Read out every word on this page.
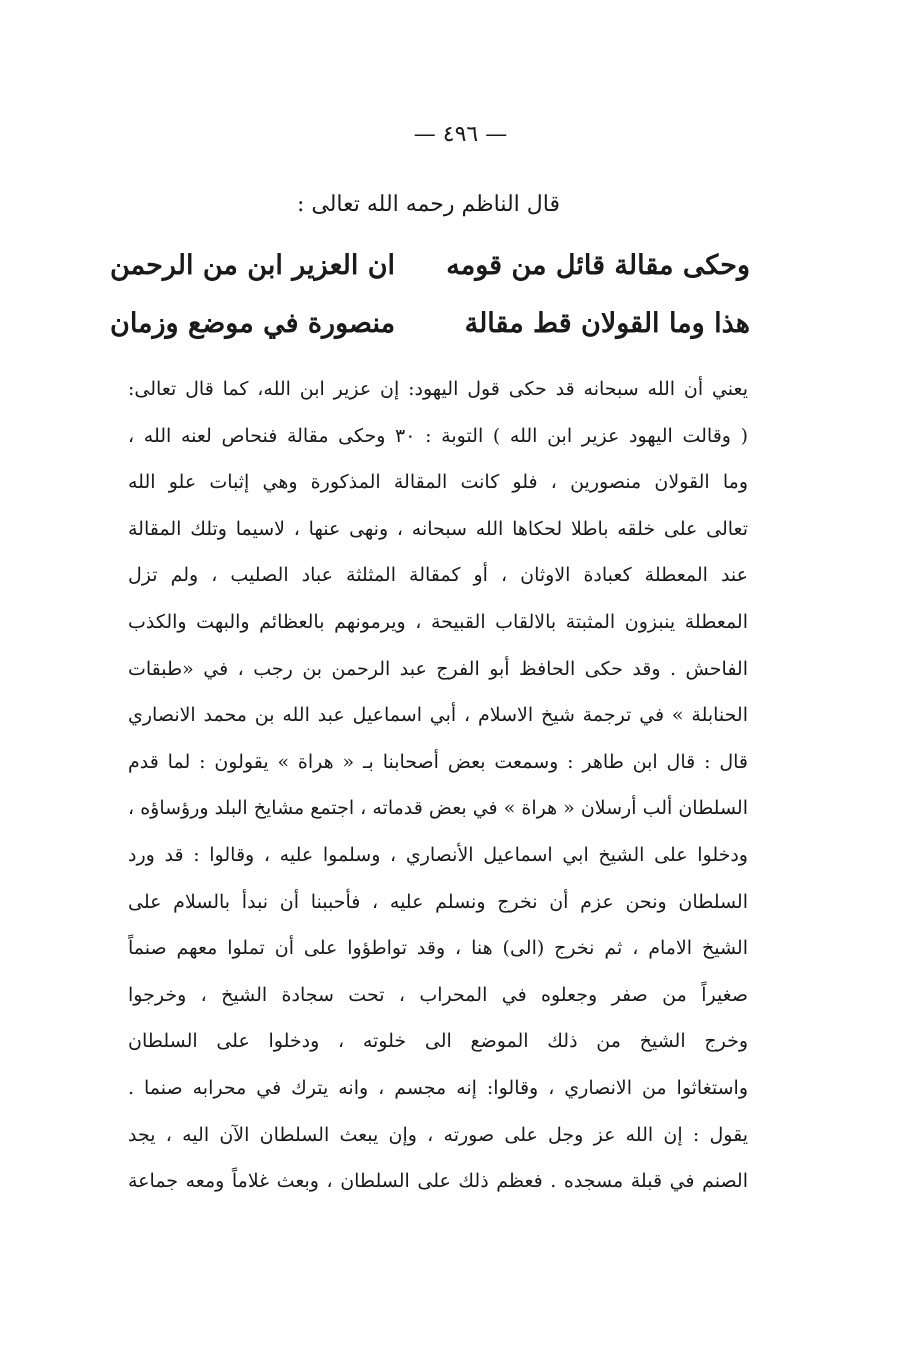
— ٤٩٦ —
قال الناظم رحمه الله تعالى :
وحكى مقالة قائل من قومه
ان العزير ابن من الرحمن
هذا وما القولان قط مقالة
منصورة في موضع وزمان
يعني أن الله سبحانه قد حكى قول اليهود: إن عزير ابن الله، كما قال تعالى:
( وقالت اليهود عزير ابن الله ) التوبة : ٣٠ وحكى مقالة فنحاص لعنه الله ،
وما القولان منصورين ، فلو كانت المقالة المذكورة وهي إثبات علو الله
تعالى على خلقه باطلا لحكاها الله سبحانه ، ونهى عنها ، لاسيما وتلك المقالة
عند المعطلة كعبادة الاوثان ، أو كمقالة المثلثة عباد الصليب ، ولم تزل
المعطلة ينبزون المثبتة بالالقاب القبيحة ، ويرمونهم بالعظائم والبهت والكذب
الفاحش . وقد حكى الحافظ أبو الفرج عبد الرحمن بن رجب ، في «طبقات
الحنابلة » في ترجمة شيخ الاسلام ، أبي اسماعيل عبد الله بن محمد الانصاري
قال : قال ابن طاهر : وسمعت بعض أصحابنا بـ « هراة » يقولون : لما قدم
السلطان ألب أرسلان « هراة » في بعض قدماته ، اجتمع مشايخ البلد ورؤساؤه ،
ودخلوا على الشيخ ابي اسماعيل الأنصاري ، وسلموا عليه ، وقالوا : قد ورد
السلطان ونحن عزم أن نخرج ونسلم عليه ، فأحببنا أن نبدأ بالسلام على
الشيخ الامام ، ثم نخرج (الى) هنا ، وقد تواطؤوا على أن تملوا معهم صنماً
صغيراً من صفر وجعلوه في المحراب ، تحت سجادة الشيخ ، وخرجوا
وخرج الشيخ من ذلك الموضع الى خلوته ، ودخلوا على السلطان
واستغاثوا من الانصاري ، وقالوا: إنه مجسم ، وانه يترك في محرابه صنما .
يقول : إن الله عز وجل على صورته ، وإن يبعث السلطان الآن اليه ، يجد
الصنم في قبلة مسجده . فعظم ذلك على السلطان ، وبعث غلاماً ومعه جماعة
